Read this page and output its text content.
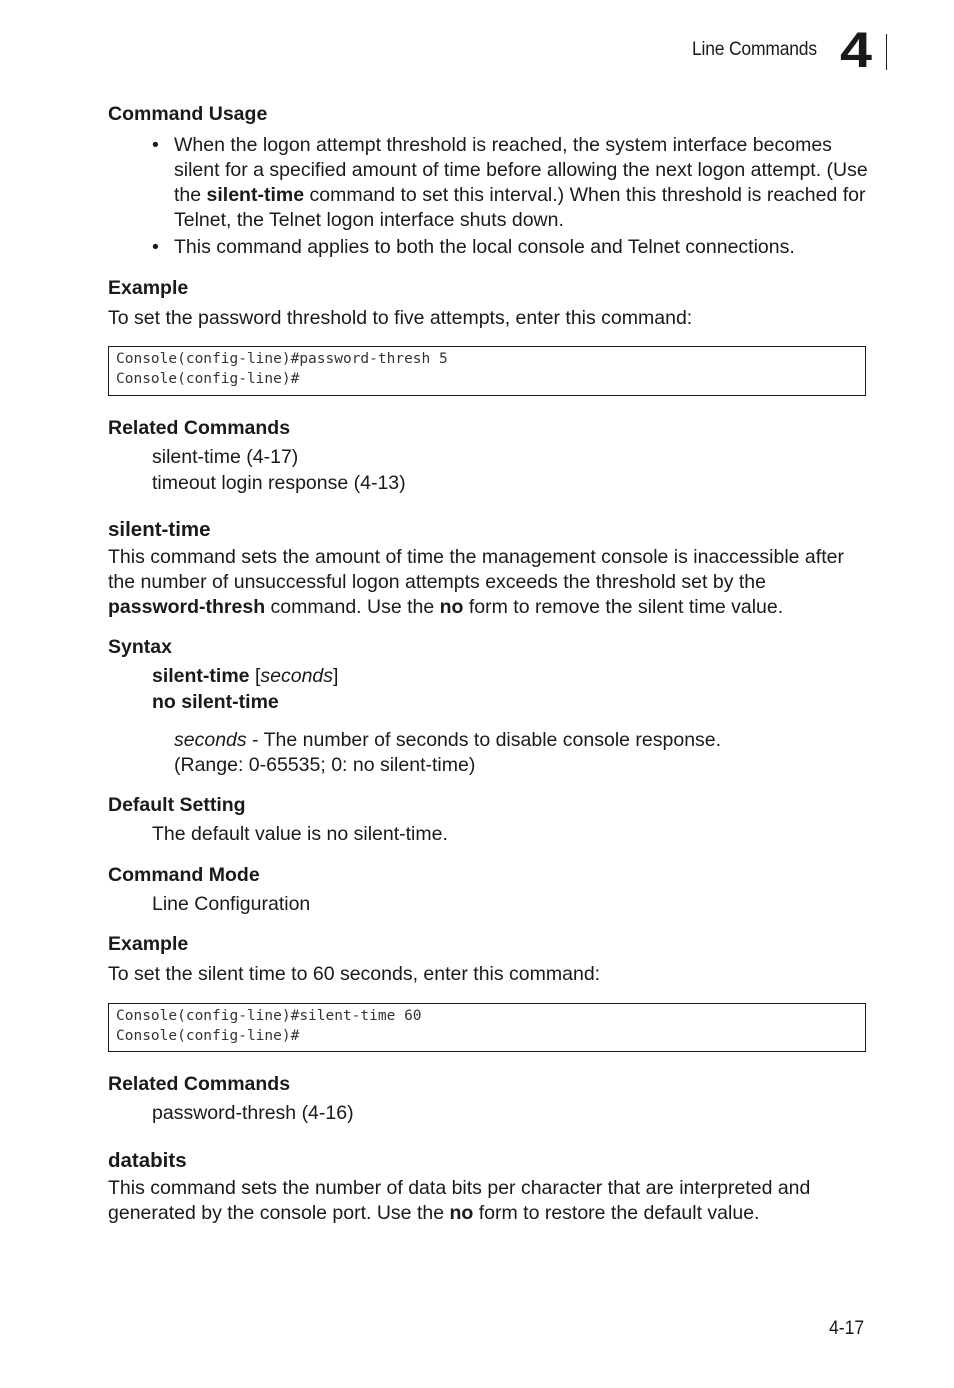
Line Commands 4
Command Usage
• When the logon attempt threshold is reached, the system interface becomes silent for a specified amount of time before allowing the next logon attempt. (Use the silent-time command to set this interval.) When this threshold is reached for Telnet, the Telnet logon interface shuts down.
• This command applies to both the local console and Telnet connections.
Example
To set the password threshold to five attempts, enter this command:
Console(config-line)#password-thresh 5
Console(config-line)#
Related Commands
silent-time (4-17)
timeout login response (4-13)
silent-time
This command sets the amount of time the management console is inaccessible after the number of unsuccessful logon attempts exceeds the threshold set by the password-thresh command. Use the no form to remove the silent time value.
Syntax
silent-time [seconds]
no silent-time
seconds - The number of seconds to disable console response.
(Range: 0-65535; 0: no silent-time)
Default Setting
The default value is no silent-time.
Command Mode
Line Configuration
Example
To set the silent time to 60 seconds, enter this command:
Console(config-line)#silent-time 60
Console(config-line)#
Related Commands
password-thresh (4-16)
databits
This command sets the number of data bits per character that are interpreted and generated by the console port. Use the no form to restore the default value.
4-17
